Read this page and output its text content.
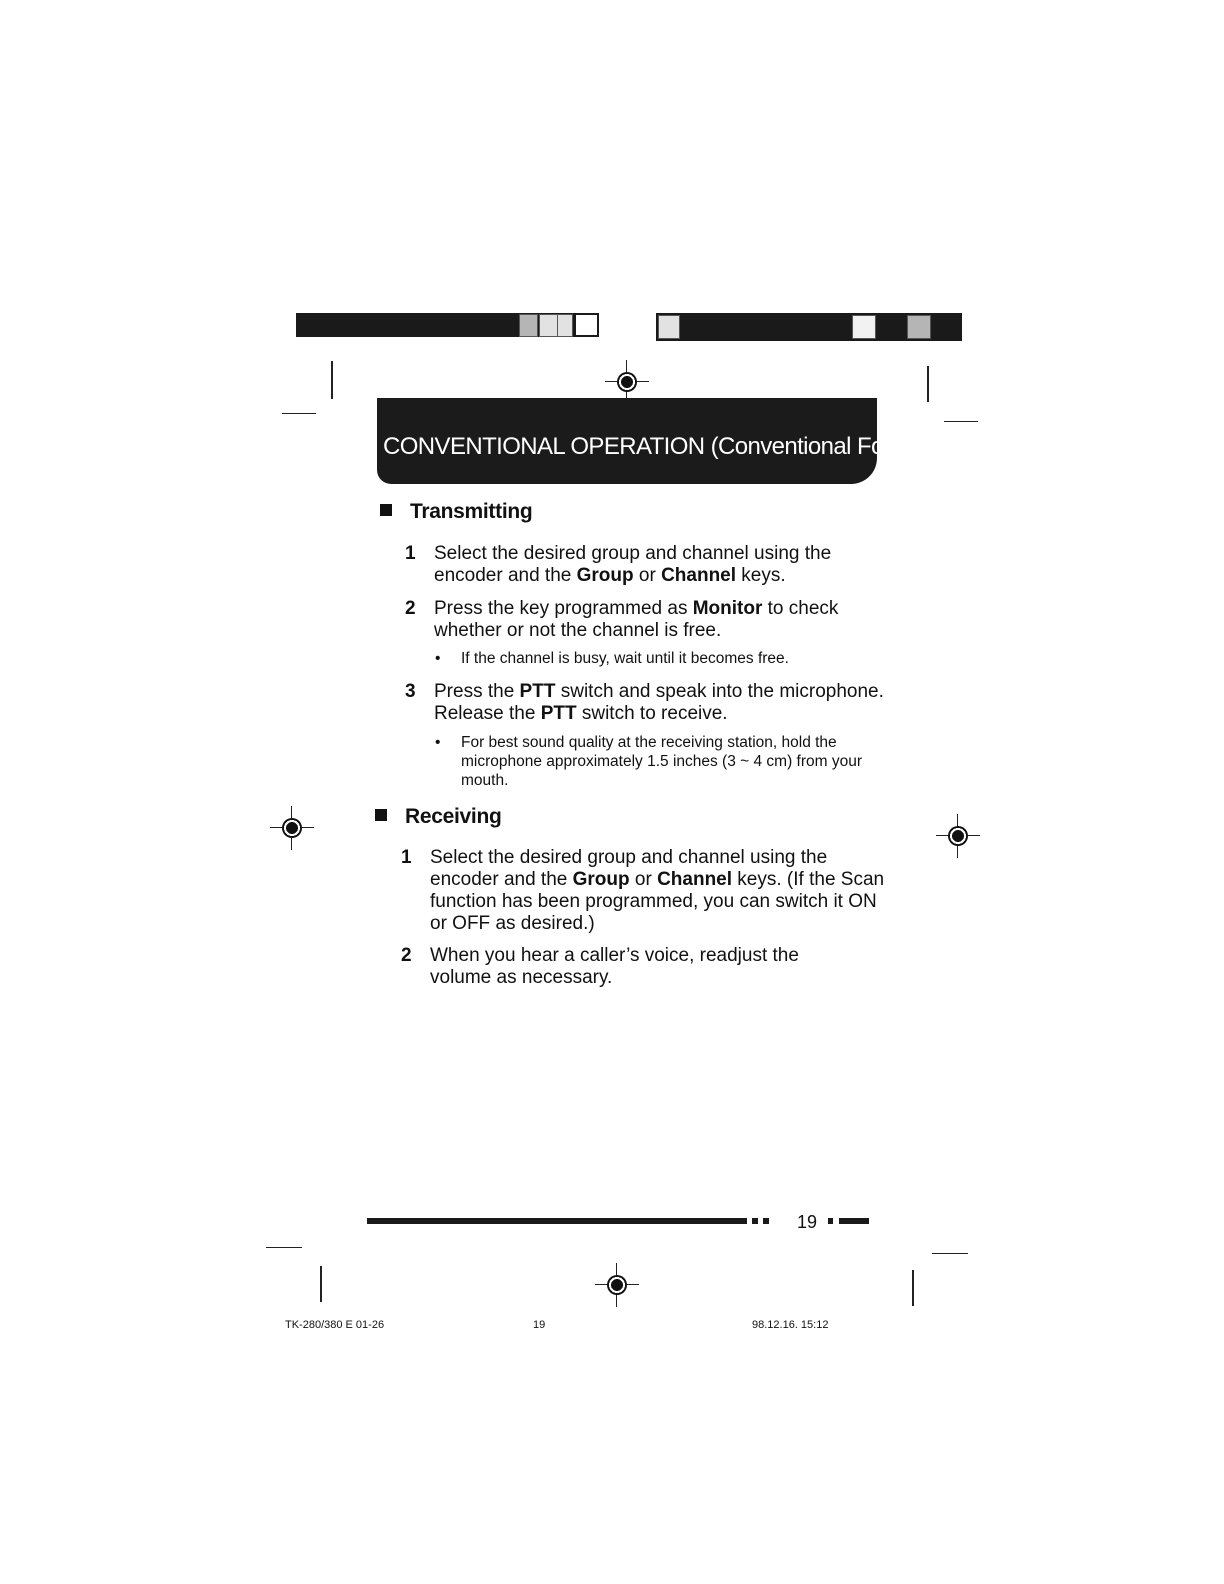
CONVENTIONAL OPERATION (Conventional Format)
Transmitting
1 Select the desired group and channel using the encoder and the Group or Channel keys.
2 Press the key programmed as Monitor to check whether or not the channel is free.
• If the channel is busy, wait until it becomes free.
3 Press the PTT switch and speak into the microphone. Release the PTT switch to receive.
• For best sound quality at the receiving station, hold the microphone approximately 1.5 inches (3 ~ 4 cm) from your mouth.
Receiving
1 Select the desired group and channel using the encoder and the Group or Channel keys. (If the Scan function has been programmed, you can switch it ON or OFF as desired.)
2 When you hear a caller’s voice, readjust the volume as necessary.
19
TK-280/380 E 01-26	19	98.12.16. 15:12
